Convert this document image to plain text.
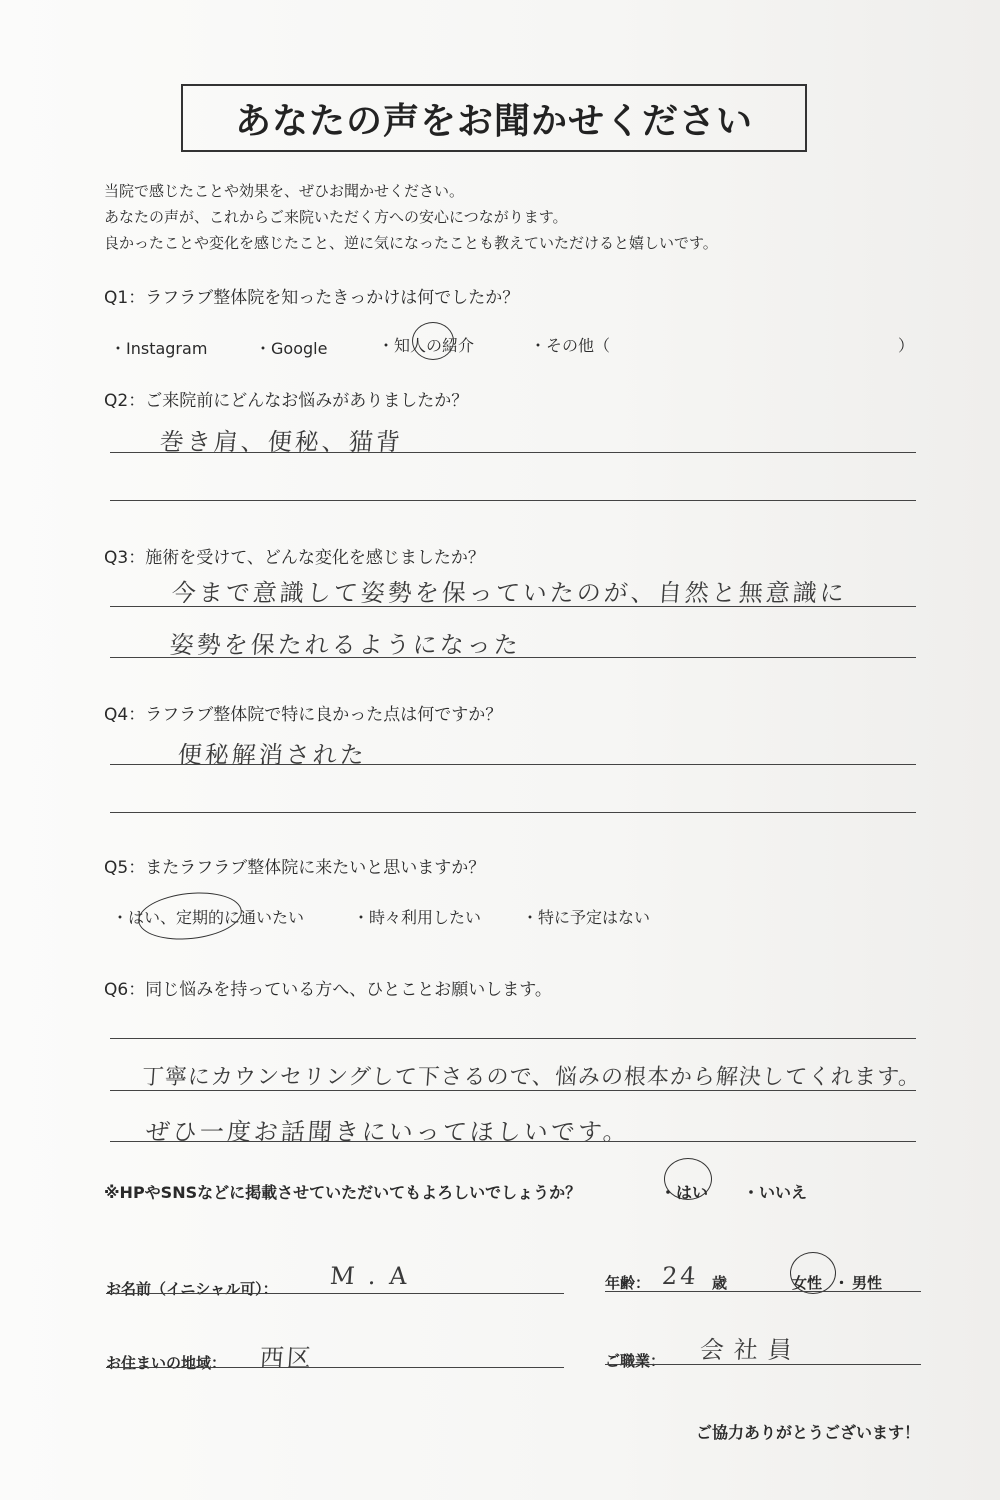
あなたの声をお聞かせください
当院で感じたことや効果を、ぜひお聞かせください。
あなたの声が、これからご来院いただく方への安心につながります。
良かったことや変化を感じたこと、逆に気になったことも教えていただけると嬉しいです。
Q1：ラフラブ整体院を知ったきっかけは何でしたか？
・Instagram	・Google	・知人の紹介	・その他（	）
Q2：ご来院前にどんなお悩みがありましたか？
巻き肩、便秘、猫背
Q3：施術を受けて、どんな変化を感じましたか？
今まで意識して姿勢を保っていたのが、自然と無意識に
姿勢を保たれるようになった
Q4：ラフラブ整体院で特に良かった点は何ですか？
便秘解消された
Q5：またラフラブ整体院に来たいと思いますか？
・はい、定期的に通いたい	・時々利用したい	・特に予定はない
Q6：同じ悩みを持っている方へ、ひとことお願いします。
丁寧にカウンセリングして下さるので、悩みの根本から解決してくれます。
ぜひ一度お話聞きにいってほしいです。
※HPやSNSなどに掲載させていただいてもよろしいでしょうか？	・はい ・いいえ
お名前（イニシャル可）： M . A	年齢： 24 歳	女性 ・ 男性
お住まいの地域： 西区	ご職業： 会社員
ご協力ありがとうございます！
